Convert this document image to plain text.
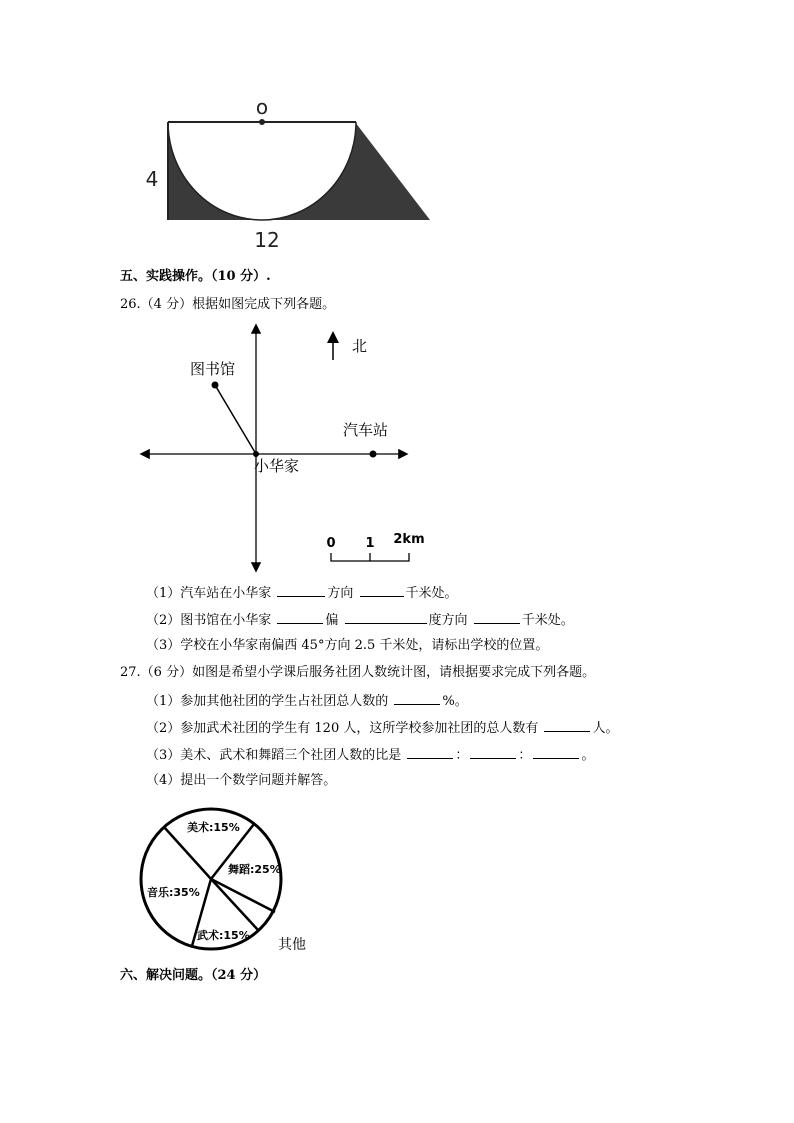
o
4
12
五、实践操作。（10 分）.
26.（4 分）根据如图完成下列各题。
北
图书馆
汽车站
小华家
0 1 2km
（1）汽车站在小华家	方向	千米处。
（2）图书馆在小华家	偏	度方向	千米处。
（3）学校在小华家南偏西 45°方向 2.5 千米处，请标出学校的位置。
27.（6 分）如图是希望小学课后服务社团人数统计图，请根据要求完成下列各题。
（1）参加其他社团的学生占社团总人数的	%。
（2）参加武术社团的学生有 120 人，这所学校参加社团的总人数有	人。
（3）美术、武术和舞蹈三个社团人数的比是	：	：	。
（4）提出一个数学问题并解答。
美术:15%
舞蹈:25%
音乐:35%
武术:15%
其他
六、解决问题。（24 分）
